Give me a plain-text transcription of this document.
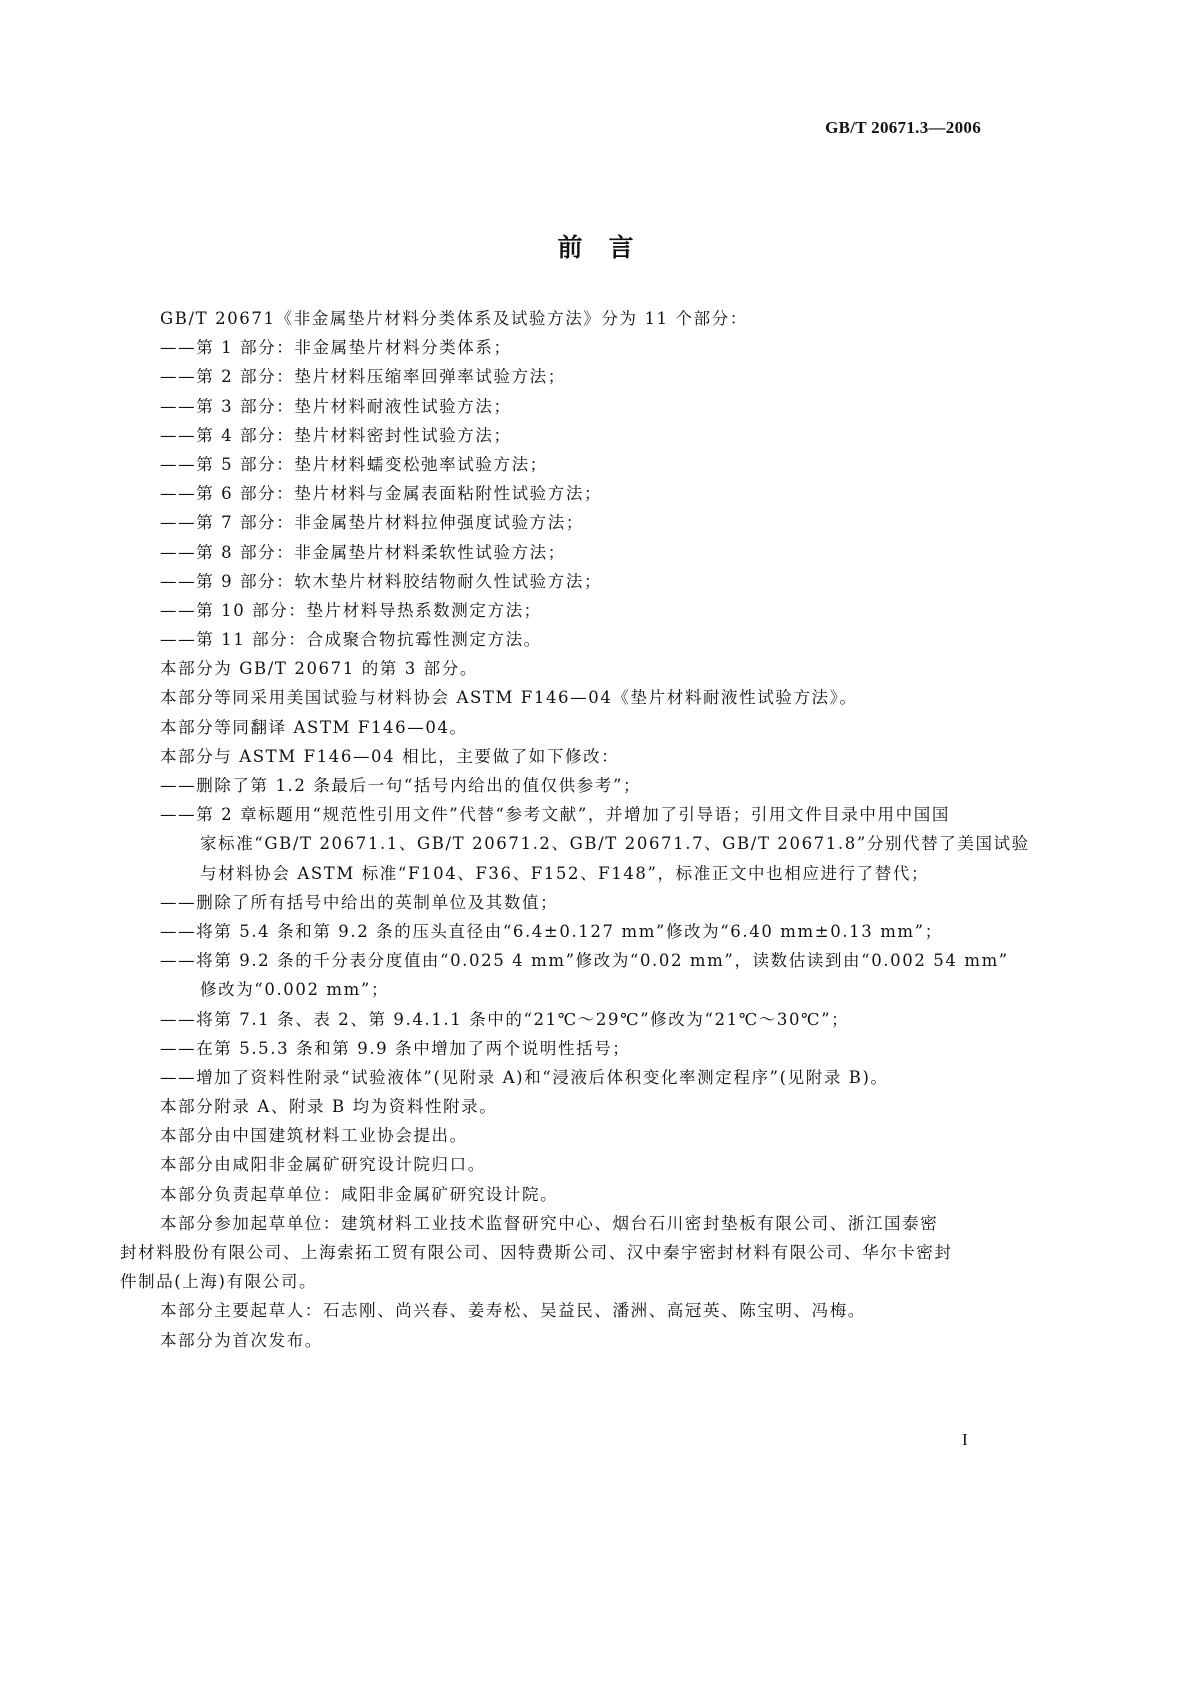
GB/T 20671.3—2006
前言
GB/T 20671《非金属垫片材料分类体系及试验方法》分为 11 个部分：
——第 1 部分：非金属垫片材料分类体系；
——第 2 部分：垫片材料压缩率回弹率试验方法；
——第 3 部分：垫片材料耐液性试验方法；
——第 4 部分：垫片材料密封性试验方法；
——第 5 部分：垫片材料蠕变松弛率试验方法；
——第 6 部分：垫片材料与金属表面粘附性试验方法；
——第 7 部分：非金属垫片材料拉伸强度试验方法；
——第 8 部分：非金属垫片材料柔软性试验方法；
——第 9 部分：软木垫片材料胶结物耐久性试验方法；
——第 10 部分：垫片材料导热系数测定方法；
——第 11 部分：合成聚合物抗霉性测定方法。
本部分为 GB/T 20671 的第 3 部分。
本部分等同采用美国试验与材料协会 ASTM F146—04《垫片材料耐液性试验方法》。
本部分等同翻译 ASTM F146—04。
本部分与 ASTM F146—04 相比，主要做了如下修改：
——删除了第 1.2 条最后一句“括号内给出的值仅供参考”；
——第 2 章标题用“规范性引用文件”代替“参考文献”，并增加了引导语；引用文件目录中用中国国
家标准“GB/T 20671.1、GB/T 20671.2、GB/T 20671.7、GB/T 20671.8”分别代替了美国试验
与材料协会 ASTM 标准“F104、F36、F152、F148”，标准正文中也相应进行了替代；
——删除了所有括号中给出的英制单位及其数值；
——将第 5.4 条和第 9.2 条的压头直径由“6.4±0.127 mm”修改为“6.40 mm±0.13 mm”；
——将第 9.2 条的千分表分度值由“0.025 4 mm”修改为“0.02 mm”，读数估读到由“0.002 54 mm”
修改为“0.002 mm”；
——将第 7.1 条、表 2、第 9.4.1.1 条中的“21℃～29℃”修改为“21℃～30℃”；
——在第 5.5.3 条和第 9.9 条中增加了两个说明性括号；
——增加了资料性附录“试验液体”(见附录 A)和“浸液后体积变化率测定程序”(见附录 B)。
本部分附录 A、附录 B 均为资料性附录。
本部分由中国建筑材料工业协会提出。
本部分由咸阳非金属矿研究设计院归口。
本部分负责起草单位：咸阳非金属矿研究设计院。
本部分参加起草单位：建筑材料工业技术监督研究中心、烟台石川密封垫板有限公司、浙江国泰密
封材料股份有限公司、上海索拓工贸有限公司、因特费斯公司、汉中秦宇密封材料有限公司、华尔卡密封
件制品(上海)有限公司。
本部分主要起草人：石志刚、尚兴春、姜寿松、吴益民、潘洲、高冠英、陈宝明、冯梅。
本部分为首次发布。
I
